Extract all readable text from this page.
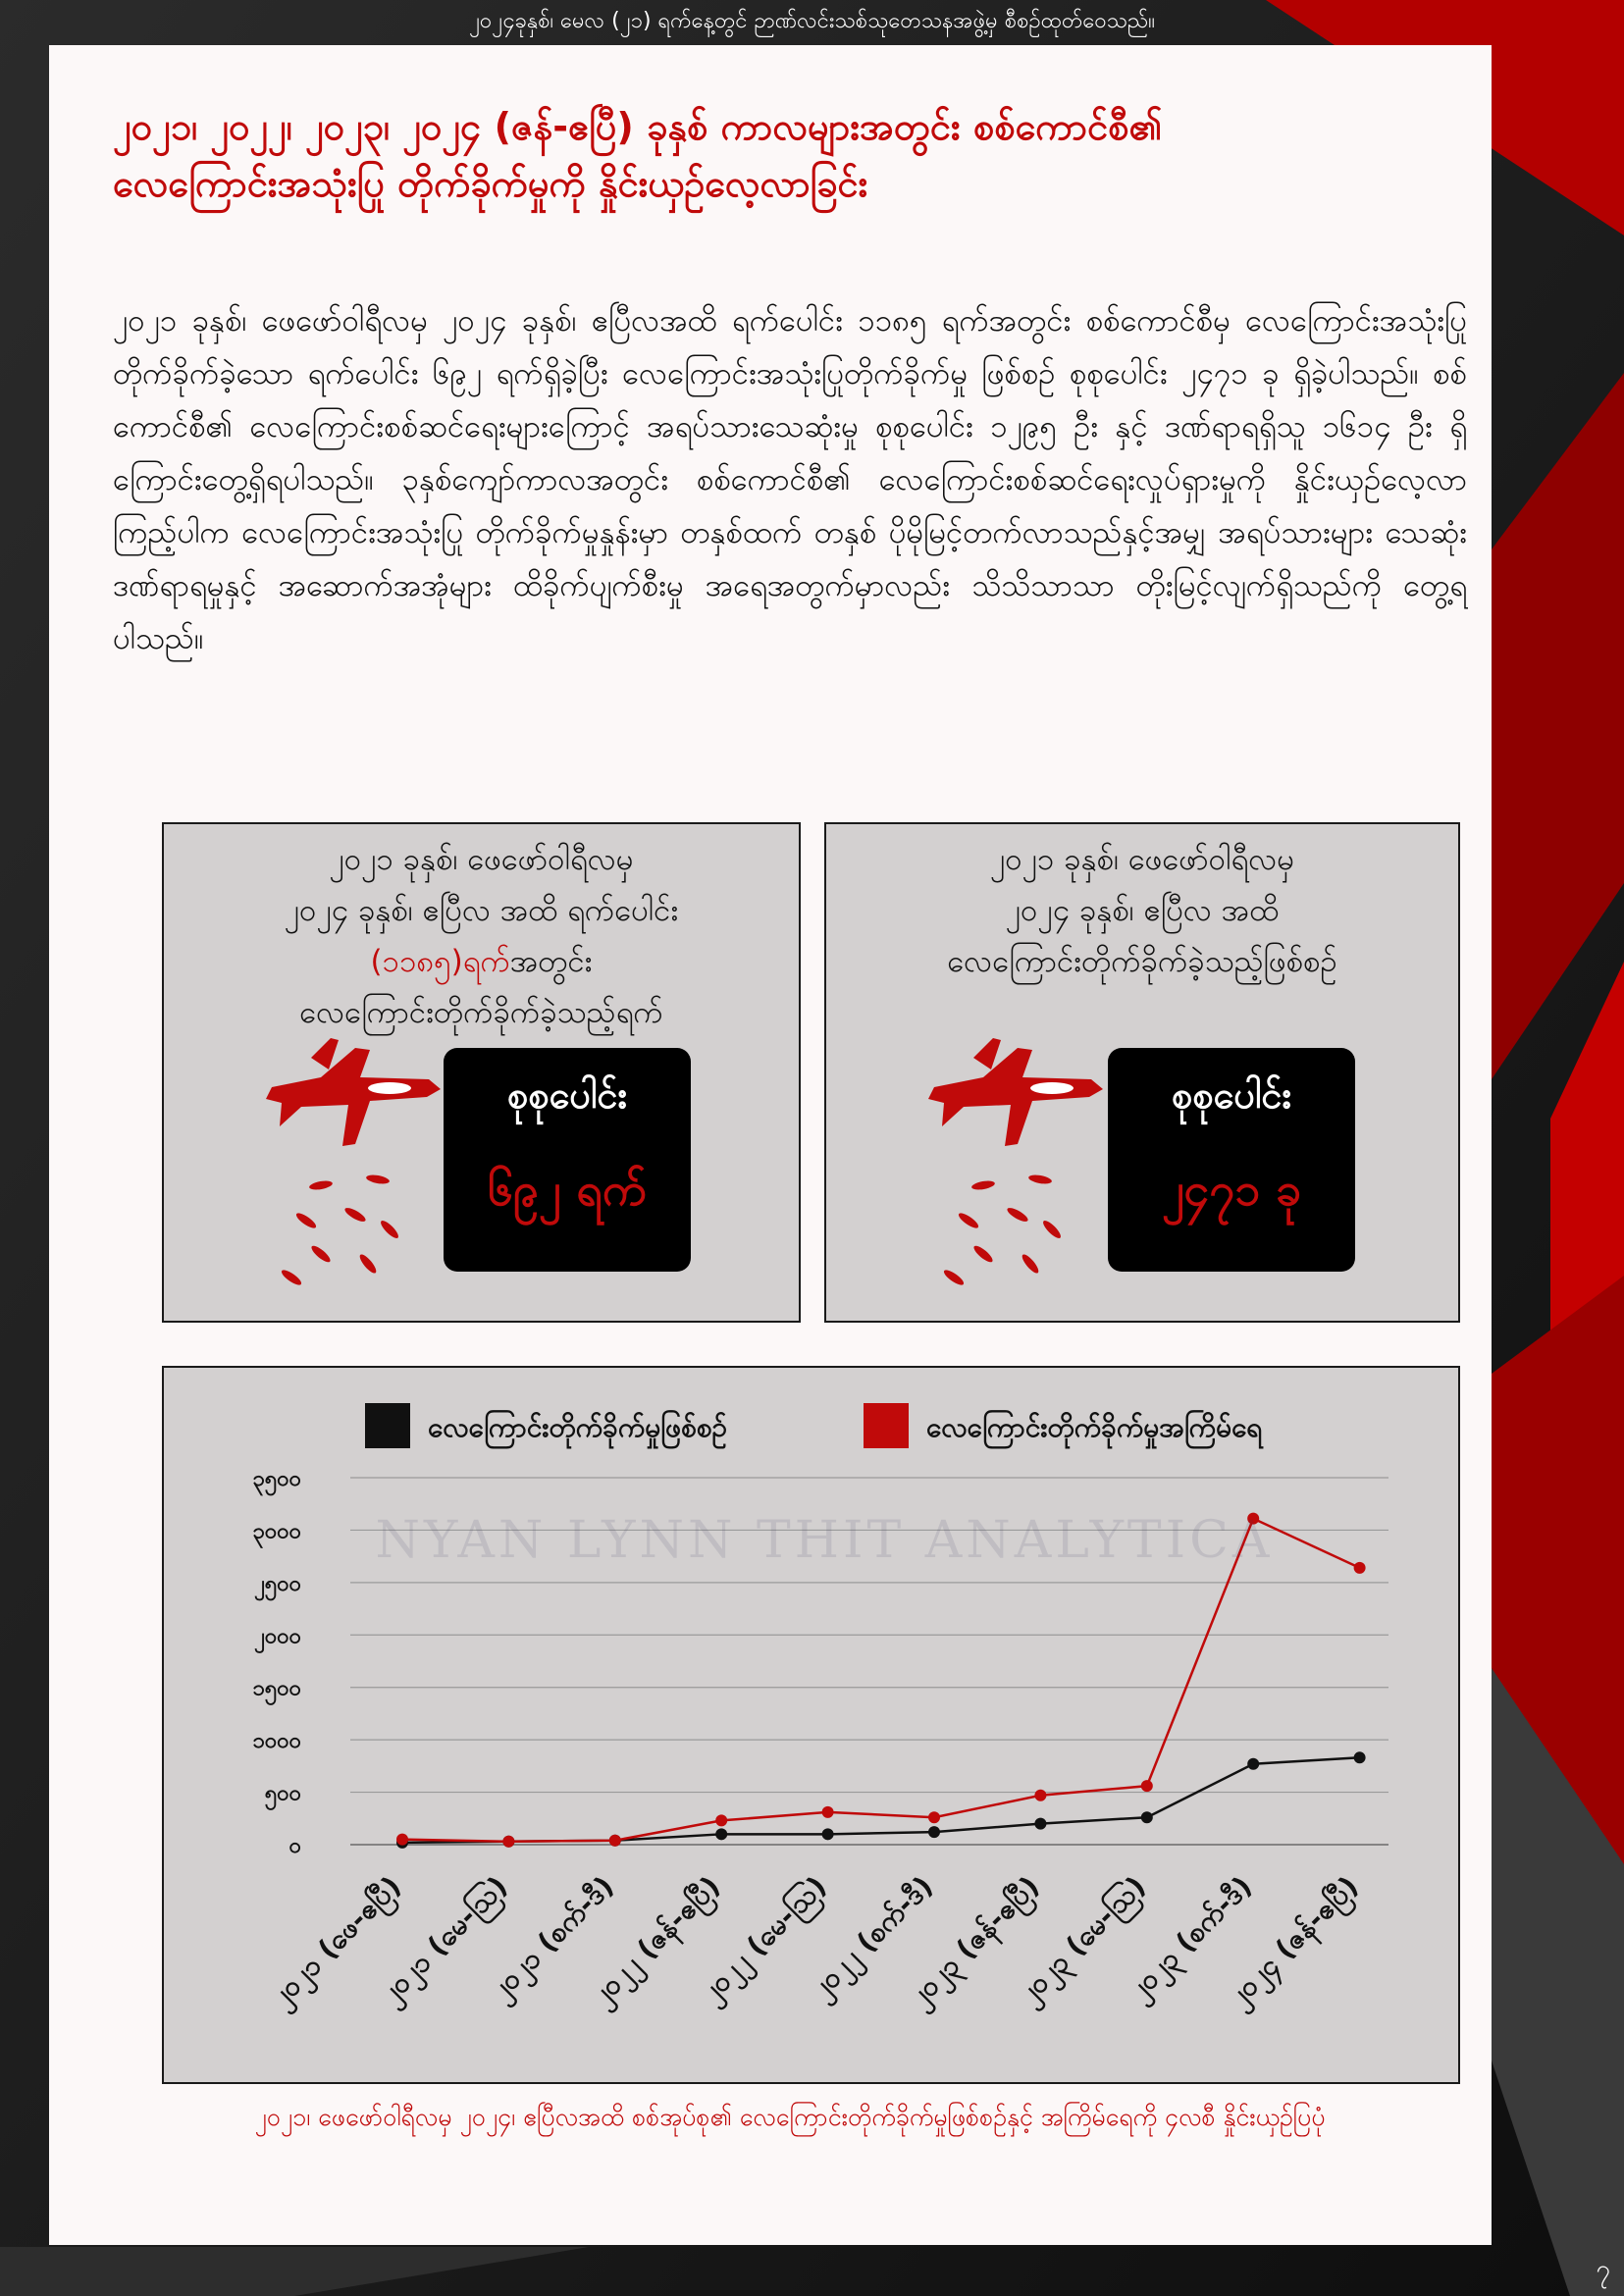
၂၀၂၄ခုနှစ်၊ မေလ (၂၁) ရက်နေ့တွင် ဉာဏ်လင်းသစ်သုတေသနအဖွဲ့မှ စီစဉ်ထုတ်ဝေသည်။
၂၀၂၁၊ ၂၀၂၂၊ ၂၀၂၃၊ ၂၀၂၄ (ဇန်-ဧပြီ) ခုနှစ် ကာလများအတွင်း စစ်ကောင်စီ၏
လေကြောင်းအသုံးပြု တိုက်ခိုက်မှုကို နှိုင်းယှဉ်လေ့လာခြင်း
၂၀၂၁ ခုနှစ်၊ ဖေဖော်ဝါရီလမှ ၂၀၂၄ ခုနှစ်၊ ဧပြီလအထိ ရက်ပေါင်း ၁၁၈၅ ရက်အတွင်း စစ်ကောင်စီမှ လေကြောင်းအသုံးပြုတိုက်ခိုက်ခဲ့သော ရက်ပေါင်း ၆၉၂ ရက်ရှိခဲ့ပြီး လေကြောင်းအသုံးပြုတိုက်ခိုက်မှု ဖြစ်စဉ် စုစုပေါင်း ၂၄၇၁ ခု ရှိခဲ့ပါသည်။ စစ်ကောင်စီ၏ လေကြောင်းစစ်ဆင်ရေးများကြောင့် အရပ်သားသေဆုံးမှု စုစုပေါင်း ၁၂၉၅ ဦး နှင့် ဒဏ်ရာရရှိသူ ၁၆၁၄ ဦး ရှိကြောင်းတွေ့ရှိရပါသည်။ ၃နှစ်ကျော်ကာလအတွင်း စစ်ကောင်စီ၏ လေကြောင်းစစ်ဆင်ရေးလှုပ်ရှားမှုကို နှိုင်းယှဉ်လေ့လာကြည့်ပါက လေကြောင်းအသုံးပြု တိုက်ခိုက်မှုနှုန်းမှာ တနှစ်ထက် တနှစ် ပိုမိုမြင့်တက်လာသည်နှင့်အမျှ အရပ်သားများ သေဆုံးဒဏ်ရာရမှုနှင့် အဆောက်အအုံများ ထိခိုက်ပျက်စီးမှု အရေအတွက်မှာလည်း သိသိသာသာ တိုးမြင့်လျက်ရှိသည်ကို တွေ့ရပါသည်။
၂၀၂၁ ခုနှစ်၊ ဖေဖော်ဝါရီလမှ
၂၀၂၄ ခုနှစ်၊ ဧပြီလ အထိ ရက်ပေါင်း
(၁၁၈၅)ရက်အတွင်း
လေကြောင်းတိုက်ခိုက်ခဲ့သည့်ရက်
စုစုပေါင်း
၆၉၂ ရက်
၂၀၂၁ ခုနှစ်၊ ဖေဖော်ဝါရီလမှ
၂၀၂၄ ခုနှစ်၊ ဧပြီလ အထိ
လေကြောင်းတိုက်ခိုက်ခဲ့သည့်ဖြစ်စဉ်
စုစုပေါင်း
၂၄၇၁ ခု
၀
၅၀၀
၁၀၀၀
၁၅၀၀
၂၀၀၀
၂၅၀၀
၃၀၀၀
၃၅၀၀
၂၀၂၁ (ဖေ-ဧပြီ)
၂၀၂၁ (မေ-ဩ)
၂၀၂၁ (စက်-ဒီ)
၂၀၂၂ (ဇန်-ဧပြီ)
၂၀၂၂ (မေ-ဩ)
၂၀၂၂ (စက်-ဒီ)
၂၀၂၃ (ဇန်-ဧပြီ)
၂၀၂၃ (မေ-ဩ)
၂၀၂၃ (စက်-ဒီ)
၂၀၂၄ (ဇန်-ဧပြီ)
လေကြောင်းတိုက်ခိုက်မှုဖြစ်စဉ်	လေကြောင်းတိုက်ခိုက်မှုအကြိမ်ရေ
NYAN LYNN THIT ANALYTICA
၂၀၂၁၊ ဖေဖော်ဝါရီလမှ ၂၀၂၄၊ ဧပြီလအထိ စစ်အုပ်စု၏ လေကြောင်းတိုက်ခိုက်မှုဖြစ်စဉ်နှင့် အကြိမ်ရေကို ၄လစီ နှိုင်းယှဉ်ပြပုံ
၇
